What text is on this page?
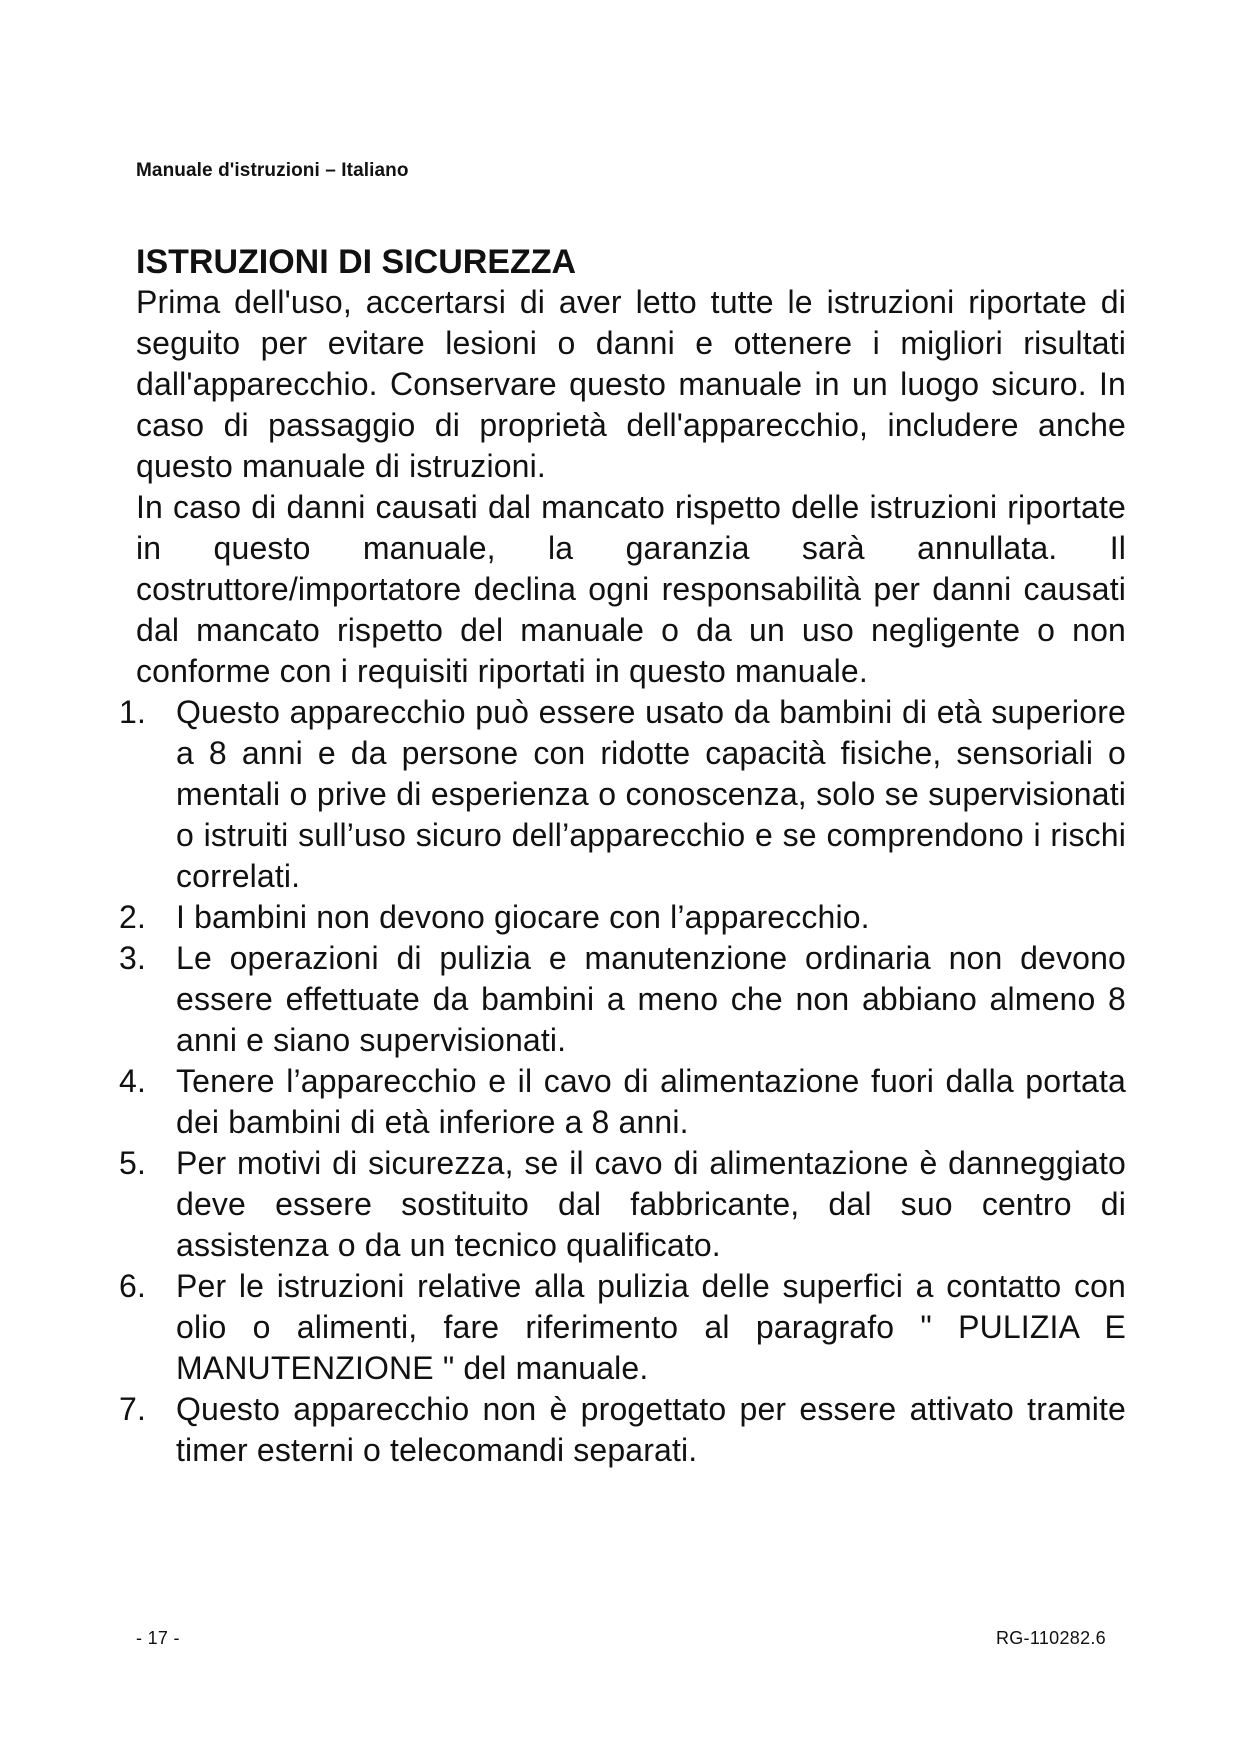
Manuale d'istruzioni – Italiano
ISTRUZIONI DI SICUREZZA

Prima dell'uso, accertarsi di aver letto tutte le istruzioni riportate di seguito per evitare lesioni o danni e ottenere i migliori risultati dall'apparecchio. Conservare questo manuale in un luogo sicuro. In caso di passaggio di proprietà dell'apparecchio, includere anche questo manuale di istruzioni.

In caso di danni causati dal mancato rispetto delle istruzioni riportate in questo manuale, la garanzia sarà annullata. Il costruttore/importatore declina ogni responsabilità per danni causati dal mancato rispetto del manuale o da un uso negligente o non conforme con i requisiti riportati in questo manuale.

1. Questo apparecchio può essere usato da bambini di età superiore a 8 anni e da persone con ridotte capacità fisiche, sensoriali o mentali o prive di esperienza o conoscenza, solo se supervisionati o istruiti sull’uso sicuro dell’apparecchio e se comprendono i rischi correlati.
2. I bambini non devono giocare con l’apparecchio.
3. Le operazioni di pulizia e manutenzione ordinaria non devono essere effettuate da bambini a meno che non abbiano almeno 8 anni e siano supervisionati.
4. Tenere l’apparecchio e il cavo di alimentazione fuori dalla portata dei bambini di età inferiore a 8 anni.
5. Per motivi di sicurezza, se il cavo di alimentazione è danneggiato deve essere sostituito dal fabbricante, dal suo centro di assistenza o da un tecnico qualificato.
6. Per le istruzioni relative alla pulizia delle superfici a contatto con olio o alimenti, fare riferimento al paragrafo " PULIZIA E MANUTENZIONE " del manuale.
7. Questo apparecchio non è progettato per essere attivato tramite timer esterni o telecomandi separati.
- 17 -	RG-110282.6
